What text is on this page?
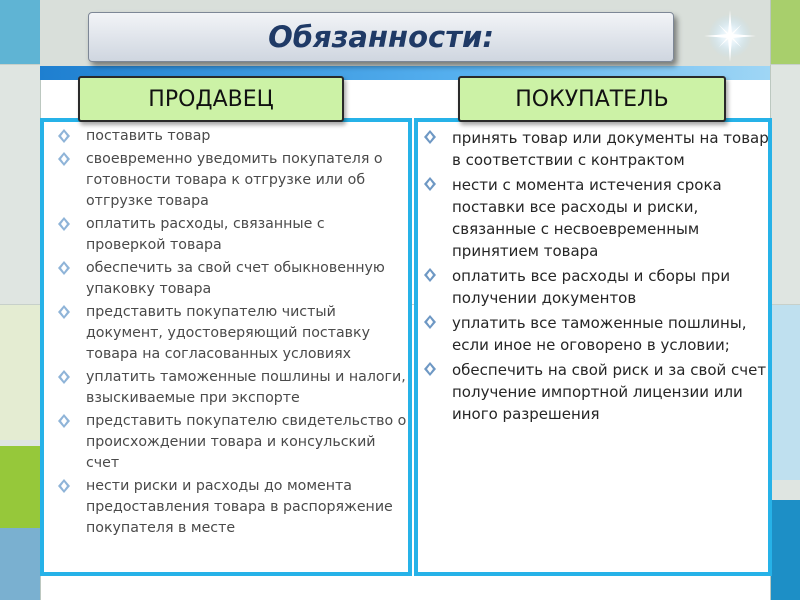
Обязанности:
поставить товар
своевременно уведомить покупателя о готовности товара к отгрузке или об отгрузке товара
оплатить расходы, связанные с проверкой товара
обеспечить за свой счет обыкновенную упаковку товара
представить покупателю чистый документ, удостоверяющий поставку товара на согласованных условиях
уплатить таможенные пошлины и налоги, взыскиваемые при экспорте
представить покупателю свидетельство о происхождении товара и консульский счет
нести риски и расходы до момента предоставления товара в распоряжение покупателя в месте
принять товар или документы на товар в соответствии с контрактом
нести с момента истечения срока поставки все расходы и риски, связанные с несвоевременным принятием товара
оплатить все расходы и сборы при получении документов
уплатить все таможенные пошлины, если иное не оговорено в условии;
обеспечить на свой риск и за свой счет получение импортной лицензии или иного разрешения
ПРОДАВЕЦ	ПОКУПАТЕЛЬ
